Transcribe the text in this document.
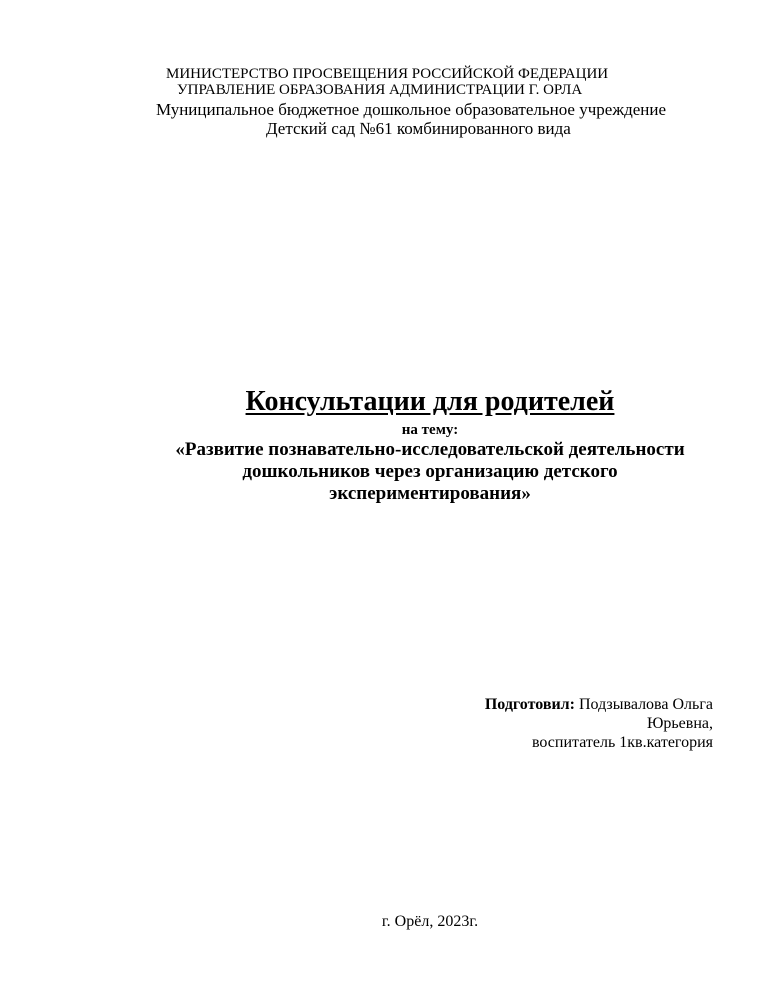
МИНИСТЕРСТВО ПРОСВЕЩЕНИЯ РОССИЙСКОЙ ФЕДЕРАЦИИ
УПРАВЛЕНИЕ ОБРАЗОВАНИЯ АДМИНИСТРАЦИИ Г. ОРЛА
Муниципальное бюджетное дошкольное образовательное учреждение
Детский сад №61 комбинированного вида
Консультации для родителей
на тему:
«Развитие познавательно-исследовательской деятельности
дошкольников через организацию детского
экспериментирования»
Подготовил: Подзывалова Ольга
Юрьевна,
воспитатель 1кв.категория
г. Орёл, 2023г.
